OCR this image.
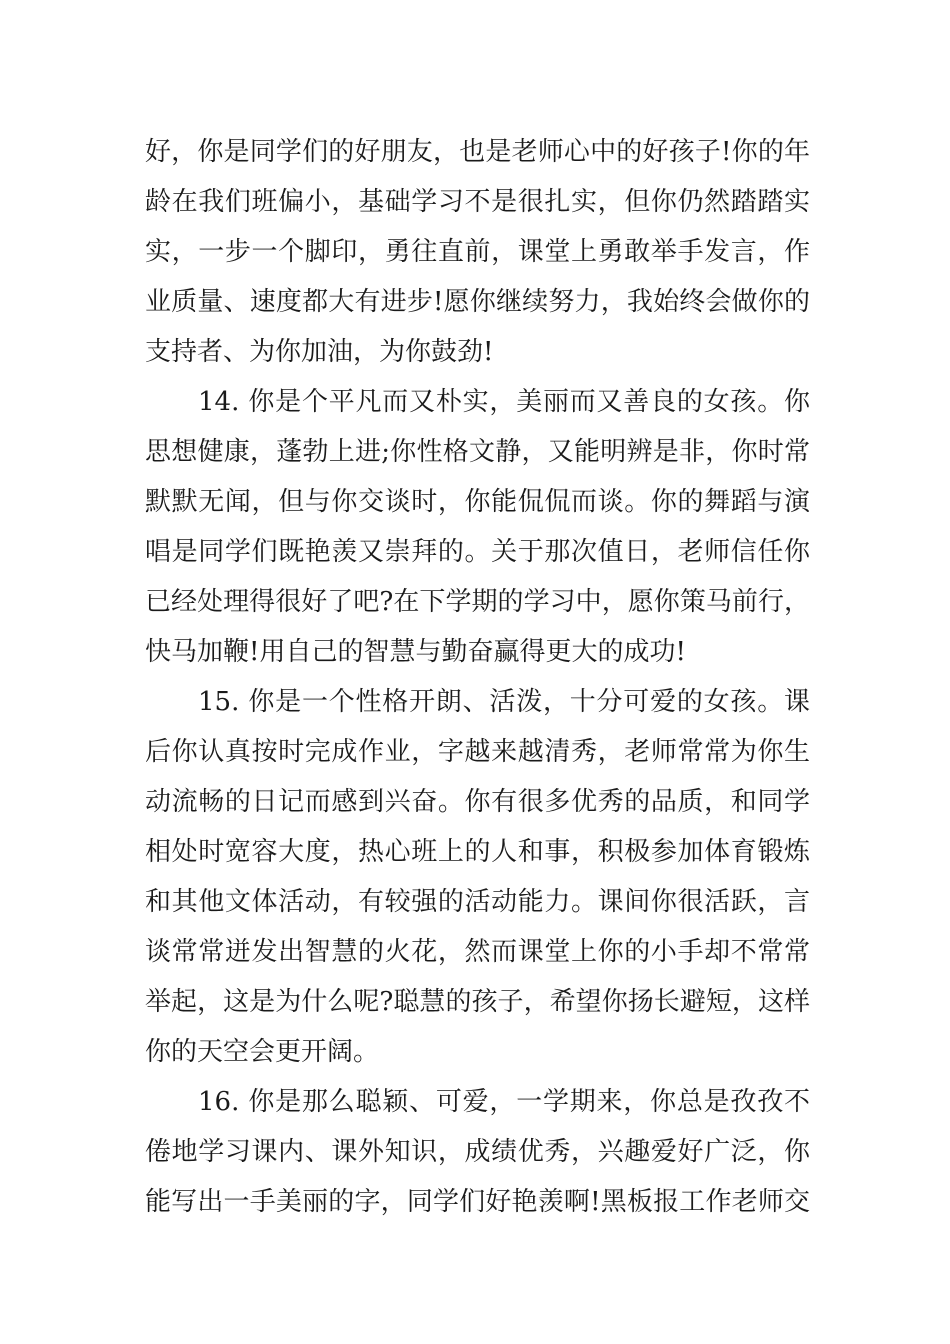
好，你是同学们的好朋友，也是老师心中的好孩子!你的年
龄在我们班偏小，基础学习不是很扎实，但你仍然踏踏实
实，一步一个脚印，勇往直前，课堂上勇敢举手发言，作
业质量、速度都大有进步!愿你继续努力，我始终会做你的
支持者、为你加油，为你鼓劲!
14. 你是个平凡而又朴实，美丽而又善良的女孩。你
思想健康，蓬勃上进;你性格文静，又能明辨是非，你时常
默默无闻，但与你交谈时，你能侃侃而谈。你的舞蹈与演
唱是同学们既艳羡又崇拜的。关于那次值日，老师信任你
已经处理得很好了吧?在下学期的学习中，愿你策马前行，
快马加鞭!用自己的智慧与勤奋赢得更大的成功!
15. 你是一个性格开朗、活泼，十分可爱的女孩。课
后你认真按时完成作业，字越来越清秀，老师常常为你生
动流畅的日记而感到兴奋。你有很多优秀的品质，和同学
相处时宽容大度，热心班上的人和事，积极参加体育锻炼
和其他文体活动，有较强的活动能力。课间你很活跃，言
谈常常迸发出智慧的火花，然而课堂上你的小手却不常常
举起，这是为什么呢?聪慧的孩子，希望你扬长避短，这样
你的天空会更开阔。
16. 你是那么聪颖、可爱，一学期来，你总是孜孜不
倦地学习课内、课外知识，成绩优秀，兴趣爱好广泛，你
能写出一手美丽的字，同学们好艳羡啊!黑板报工作老师交
